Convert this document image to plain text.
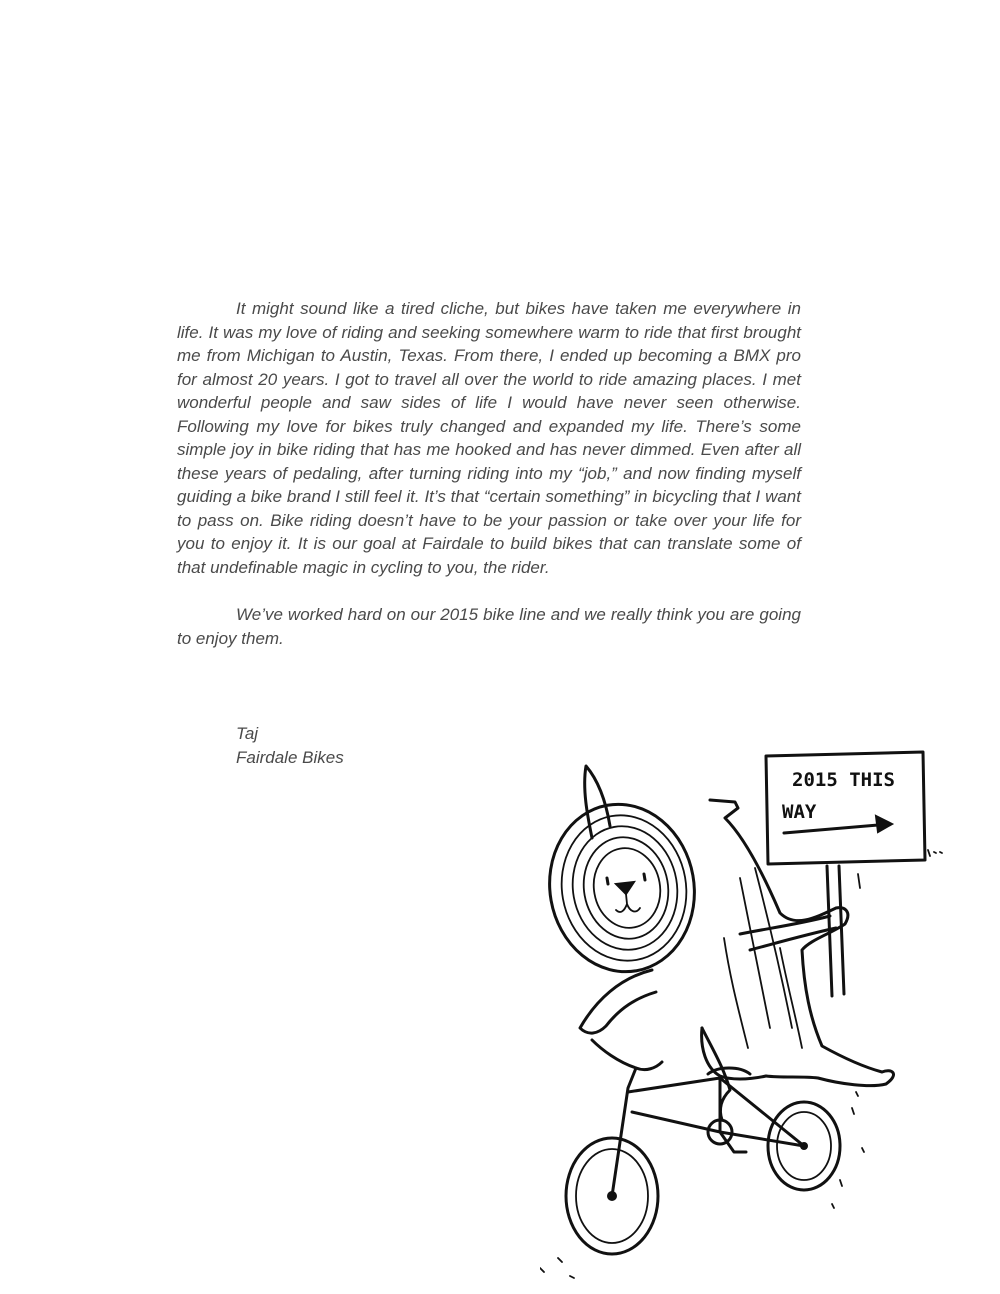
It might sound like a tired cliche, but bikes have taken me everywhere in life. It was my love of riding and seeking somewhere warm to ride that first brought me from Michigan to Austin, Texas. From there, I ended up becoming a BMX pro for almost 20 years. I got to travel all over the world to ride amazing places. I met wonderful people and saw sides of life I would have never seen otherwise. Following my love for bikes truly changed and expanded my life. There’s some simple joy in bike riding that has me hooked and has never dimmed. Even after all these years of pedaling, after turning riding into my “job,” and now finding myself guiding a bike brand I still feel it. It’s that “certain something” in bicycling that I want to pass on. Bike riding doesn’t have to be your passion or take over your life for you to enjoy it. It is our goal at Fairdale to build bikes that can translate some of that undefinable magic in cycling to you, the rider.

We’ve worked hard on our 2015 bike line and we really think you are going to enjoy them.

Taj
Fairdale Bikes
2015 THIS
WAY
